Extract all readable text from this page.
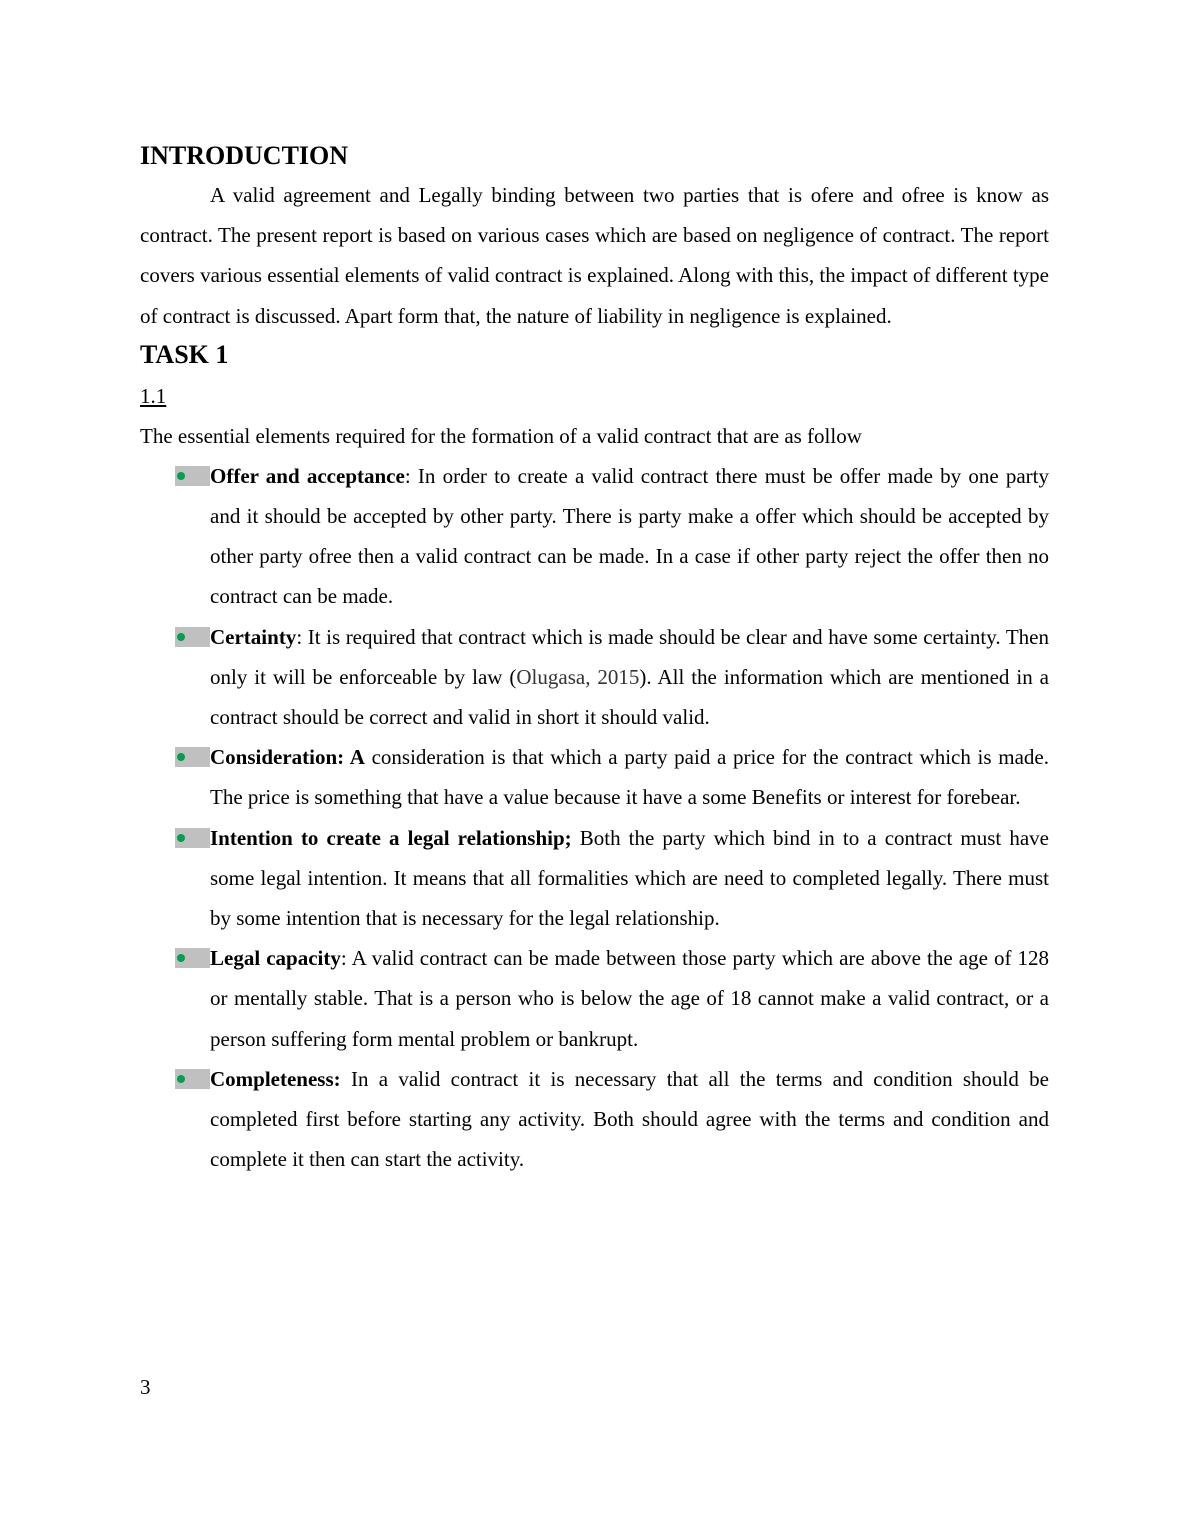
INTRODUCTION

A valid agreement and Legally binding between two parties that is ofere and ofree is know as contract. The present report is based on various cases which are based on negligence of contract. The report covers various essential elements of valid contract is explained. Along with this, the impact of different type of contract is discussed. Apart form that, the nature of liability in negligence is explained.

TASK 1
1.1

The essential elements required for the formation of a valid contract that are as follow

Offer and acceptance: In order to create a valid contract there must be offer made by one party and it should be accepted by other party. There is party make a offer which should be accepted by other party ofree then a valid contract can be made. In a case if other party reject the offer then no contract can be made.
Certainty: It is required that contract which is made should be clear and have some certainty. Then only it will be enforceable by law (Olugasa, 2015). All the information which are mentioned in a contract should be correct and valid in short it should valid.
Consideration: A consideration is that which a party paid a price for the contract which is made. The price is something that have a value because it have a some Benefits or interest for forebear.
Intention to create a legal relationship; Both the party which bind in to a contract must have some legal intention. It means that all formalities which are need to completed legally. There must by some intention that is necessary for the legal relationship.
Legal capacity: A valid contract can be made between those party which are above the age of 128 or mentally stable. That is a person who is below the age of 18 cannot make a valid contract, or a person suffering form mental problem or bankrupt.
Completeness: In a valid contract it is necessary that all the terms and condition should be completed first before starting any activity. Both should agree with the terms and condition and complete it then can start the activity.
3
